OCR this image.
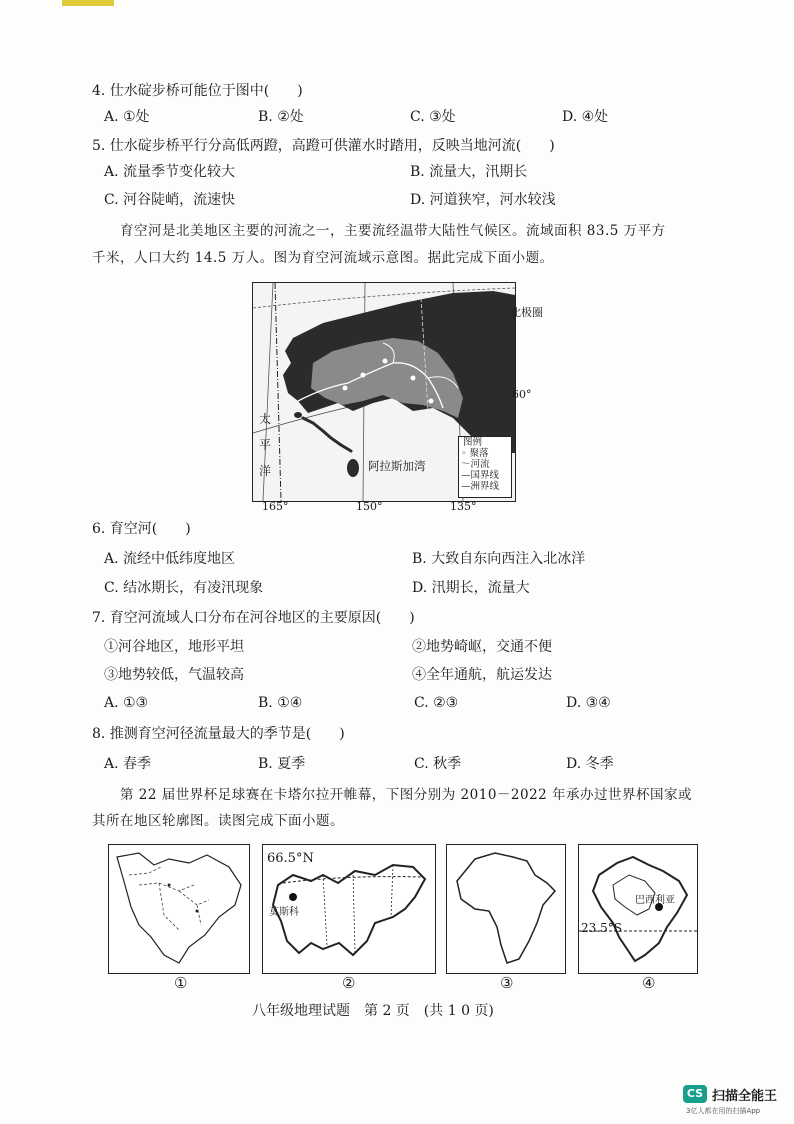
4. 仕水碇步桥可能位于图中(　　)
A. ①处	B. ②处	C. ③处	D. ④处
5. 仕水碇步桥平行分高低两蹬，高蹬可供灌水时踏用，反映当地河流(　　)
A. 流量季节变化较大	B. 流量大，汛期长
C. 河谷陡峭，流速快	D. 河道狭窄，河水较浅
育空河是北美地区主要的河流之一，主要流经温带大陆性气候区。流域面积 83.5 万平方
千米，人口大约 14.5 万人。图为育空河流域示意图。据此完成下面小题。
北极圈
60°
太
平
洋	阿拉斯加湾
165°	150°	135°
图例
◦ 聚落
～河流
—国界线
—洲界线
6. 育空河(　　)
A. 流经中低纬度地区	B. 大致自东向西注入北冰洋
C. 结冰期长，有凌汛现象	D. 汛期长，流量大
7. 育空河流域人口分布在河谷地区的主要原因(　　)
①河谷地区，地形平坦	②地势崎岖，交通不便
③地势较低，气温较高	④全年通航，航运发达
A. ①③	B. ①④	C. ②③	D. ③④
8. 推测育空河径流量最大的季节是(　　)
A. 春季	B. 夏季	C. 秋季	D. 冬季
第 22 届世界杯足球赛在卡塔尔拉开帷幕，下图分别为 2010－2022 年承办过世界杯国家或
其所在地区轮廓图。读图完成下面小题。
66.5°N
莫斯科
巴西利亚
23.5°S
①	②	③	④
八年级地理试题　第 2 页　(共 1 0 页)
CS 扫描全能王
3亿人都在用的扫描App
